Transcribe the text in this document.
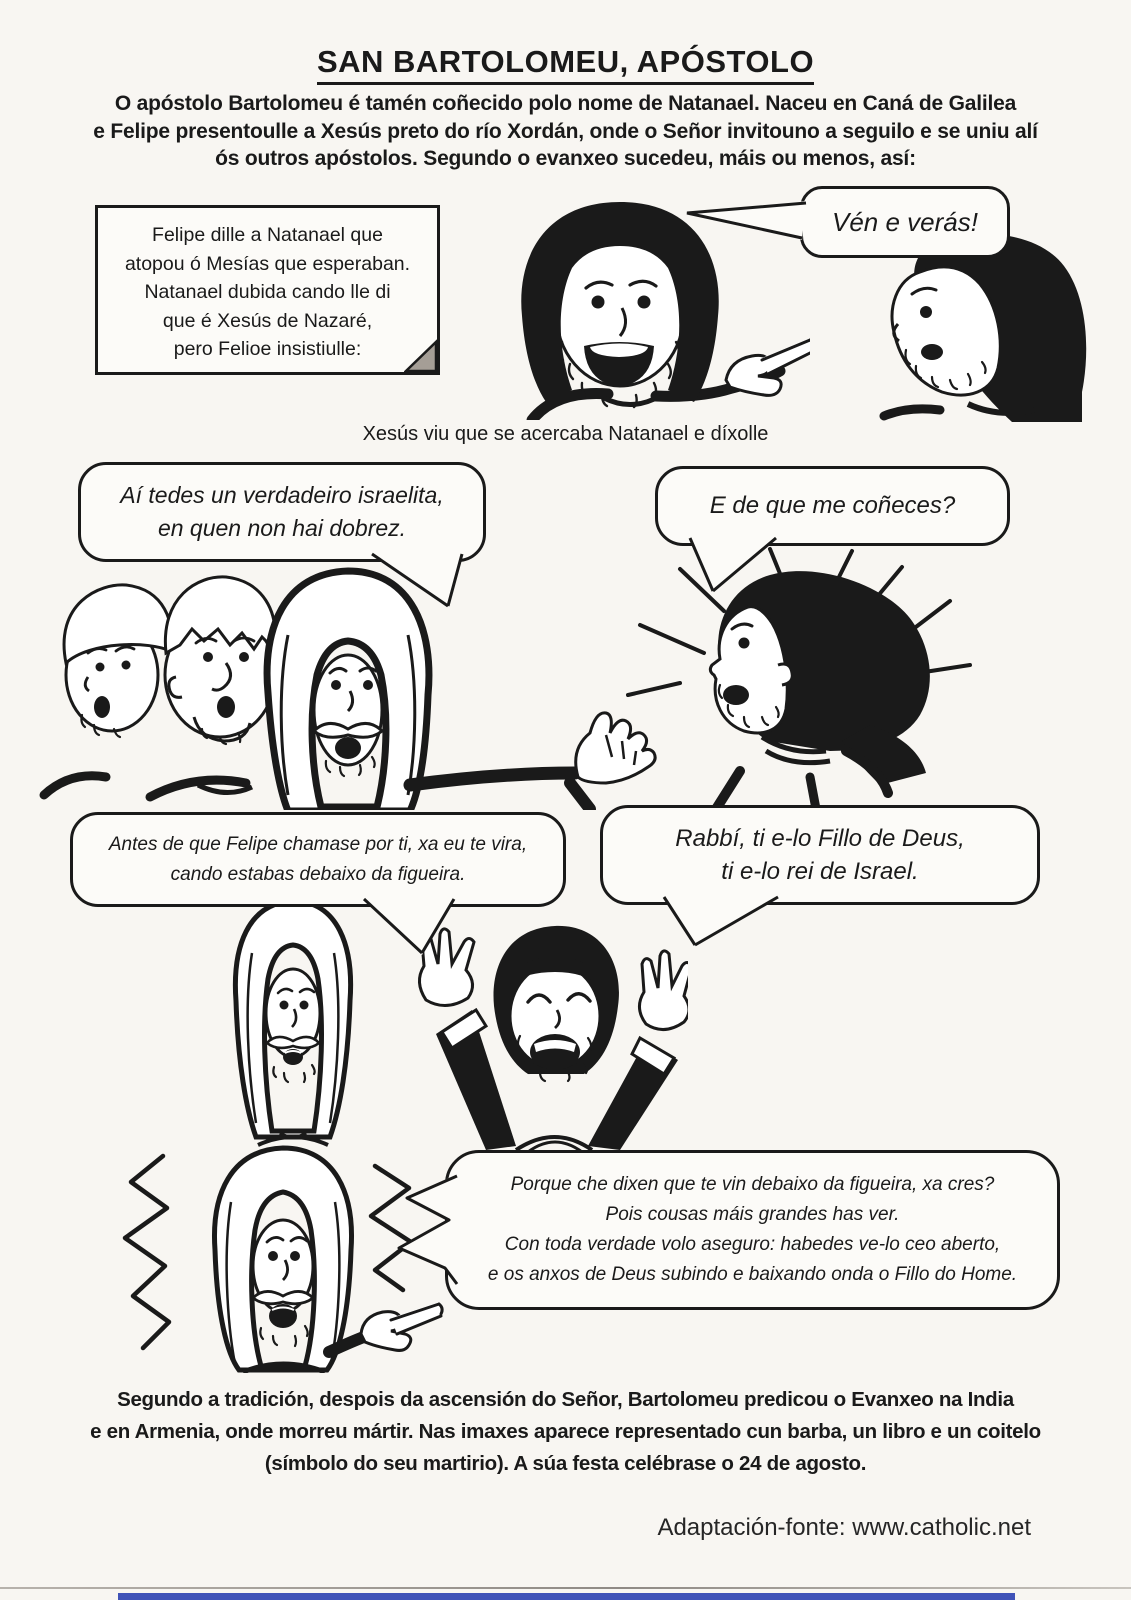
SAN BARTOLOMEU, APÓSTOLO
O apóstolo Bartolomeu é tamén coñecido polo nome de Natanael. Naceu en Caná de Galilea
e Felipe presentoulle a Xesús preto do río Xordán, onde o Señor invitouno a seguilo e se uniu alí
ós outros apóstolos. Segundo o evanxeo sucedeu, máis ou menos, así:
Felipe dille a Natanael que
atopou ó Mesías que esperaban.
Natanael dubida cando lle di
que é Xesús de Nazaré,
pero Felioe insistiulle:
Vén e verás!
Xesús viu que se acercaba Natanael e díxolle
Aí tedes un verdadeiro israelita,
en quen non hai dobrez.
E de que me coñeces?
Antes de que Felipe chamase por ti, xa eu te vira,
cando estabas debaixo da figueira.
Rabbí, ti e-lo Fillo de Deus,
ti e-lo rei de Israel.
Porque che dixen que te vin debaixo da figueira, xa cres?
Pois cousas máis grandes has ver.
Con toda verdade volo aseguro: habedes ve-lo ceo aberto,
e os anxos de Deus subindo e baixando onda o Fillo do Home.
Segundo a tradición, despois da ascensión do Señor, Bartolomeu predicou o Evanxeo na India
e en Armenia, onde morreu mártir. Nas imaxes aparece representado cun barba, un libro e un coitelo
(símbolo do seu martirio). A súa festa celébrase o 24 de agosto.
Adaptación-fonte: www.catholic.net
